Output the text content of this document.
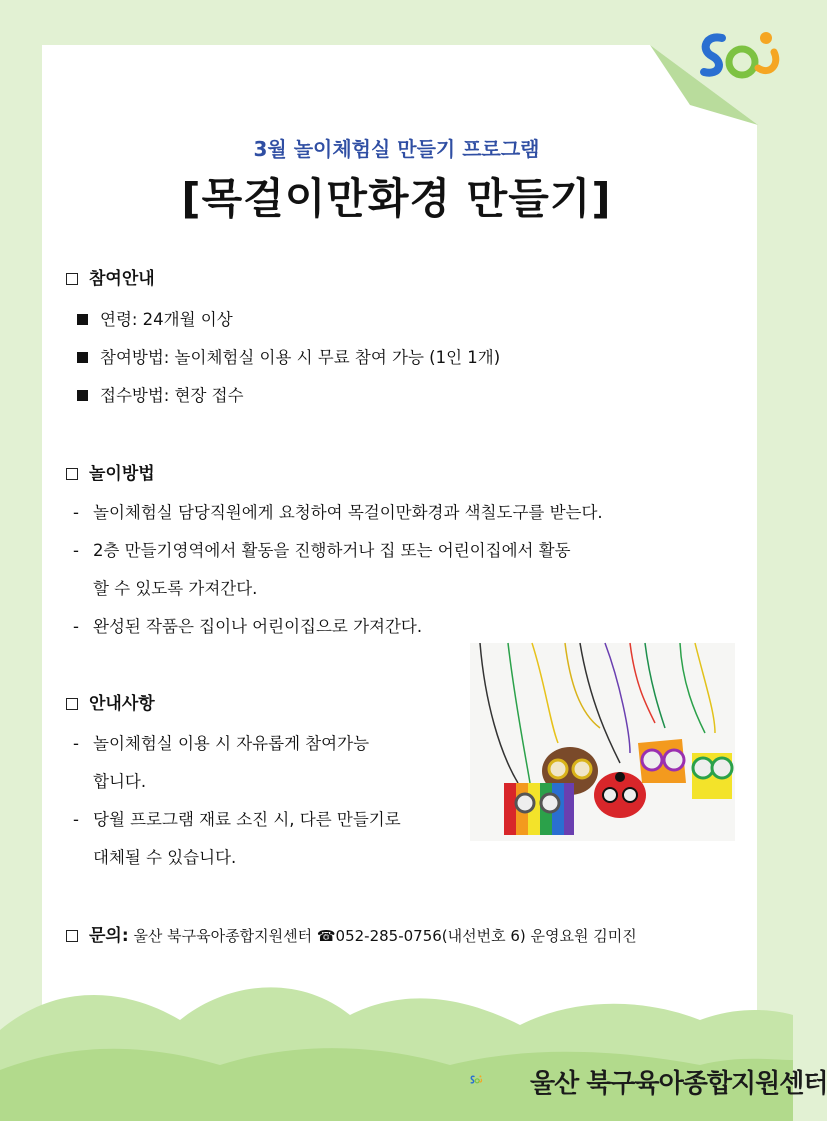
3월 놀이체험실 만들기 프로그램
[목걸이만화경 만들기]
참여안내
연령: 24개월 이상
참여방법: 놀이체험실 이용 시 무료 참여 가능 (1인 1개)
접수방법: 현장 접수
놀이방법
- 놀이체험실 담당직원에게 요청하여 목걸이만화경과 색칠도구를 받는다.
- 2층 만들기영역에서 활동을 진행하거나 집 또는 어린이집에서 활동
할 수 있도록 가져간다.
- 완성된 작품은 집이나 어린이집으로 가져간다.
안내사항
- 놀이체험실 이용 시 자유롭게 참여가능
합니다.
- 당월 프로그램 재료 소진 시, 다른 만들기로
대체될 수 있습니다.
문의: 울산 북구육아종합지원센터 ☎052-285-0756(내선번호 6) 운영요원 김미진
울산 북구육아종합지원센터
